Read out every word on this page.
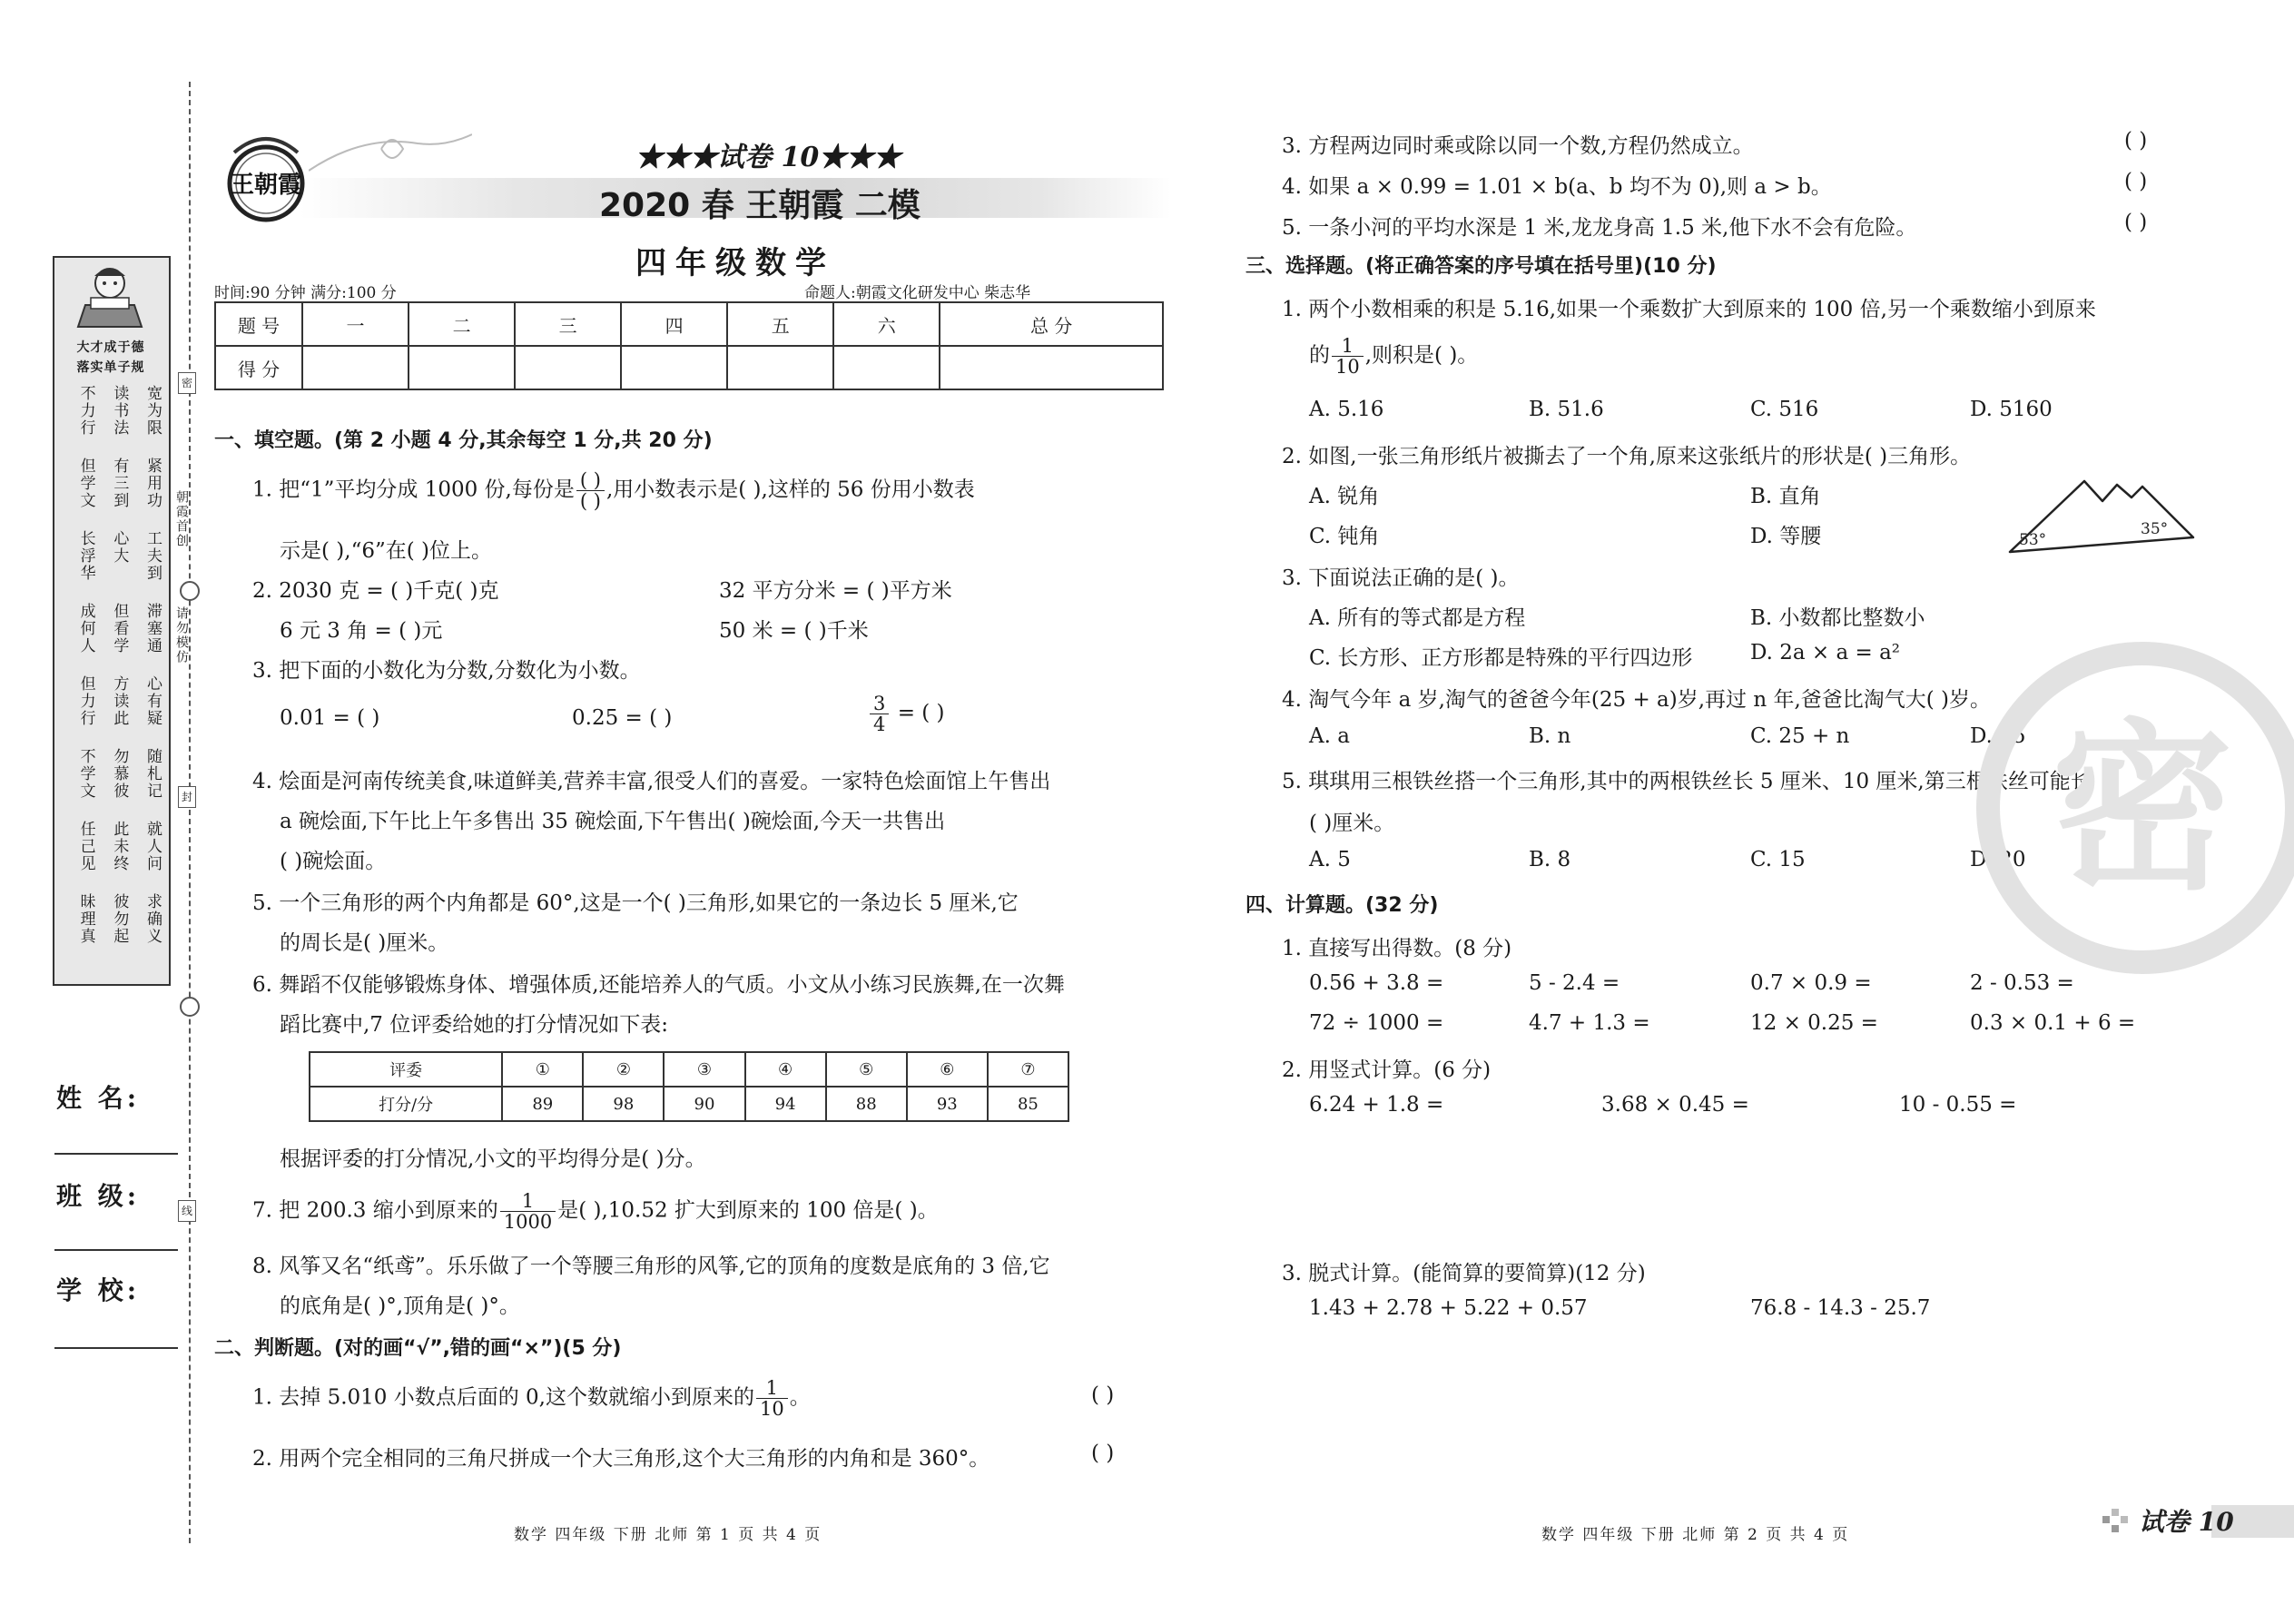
大才成于德
落实单子规
不力行 读书法 宽为限
但学文 有三到 紧用功
长浮华 心大 工夫到
成何人 但看学 滞塞通
但力行 方读此 心有疑
不学文 勿慕彼 随札记
任己见 此未终 就人问
昧理真 彼勿起 求确义
密
朝霞首创
请勿模仿
封
线
姓 名:
班 级:
学 校:
王朝霞
★★★试卷 10★★★
2020 春 王朝霞 二模
四年级数学
时间:90 分钟 满分:100 分	命题人:朝霞文化研发中心 柴志华
题 号	一	二	三	四	五	六	总 分
得 分							
一、填空题。(第 2 小题 4 分,其余每空 1 分,共 20 分)
1. 把“1”平均分成 1000 份,每份是 $\frac{( )}{( )}$ ,用小数表示是( ),这样的 56 份用小数表
示是( ),“6”在( )位上。
2. 2030 克 = ( )千克( )克	32 平方分米 = ( )平方米
6 元 3 角 = ( )元	50 米 = ( )千米
3. 把下面的小数化为分数,分数化为小数。
0.01 = ( )	0.25 = ( )	$\frac{3}{4}$ = ( )
4. 烩面是河南传统美食,味道鲜美,营养丰富,很受人们的喜爱。一家特色烩面馆上午售出
a 碗烩面,下午比上午多售出 35 碗烩面,下午售出( )碗烩面,今天一共售出
( )碗烩面。
5. 一个三角形的两个内角都是 60°,这是一个( )三角形,如果它的一条边长 5 厘米,它
的周长是( )厘米。
6. 舞蹈不仅能够锻炼身体、增强体质,还能培养人的气质。小文从小练习民族舞,在一次舞
蹈比赛中,7 位评委给她的打分情况如下表:
评委	①	②	③	④	⑤	⑥	⑦
打分/分	89	98	90	94	88	93	85
根据评委的打分情况,小文的平均得分是( )分。
7. 把 200.3 缩小到原来的 $\frac{1}{1000}$ 是( ),10.52 扩大到原来的 100 倍是( )。
8. 风筝又名“纸鸢”。乐乐做了一个等腰三角形的风筝,它的顶角的度数是底角的 3 倍,它
的底角是( )°,顶角是( )°。
二、判断题。(对的画“√”,错的画“×”)(5 分)
1. 去掉 5.010 小数点后面的 0,这个数就缩小到原来的 $\frac{1}{10}$ 。	( )
2. 用两个完全相同的三角尺拼成一个大三角形,这个大三角形的内角和是 360°。	( )
3. 方程两边同时乘或除以同一个数,方程仍然成立。	( )
4. 如果 a × 0.99 = 1.01 × b(a、b 均不为 0),则 a > b。	( )
5. 一条小河的平均水深是 1 米,龙龙身高 1.5 米,他下水不会有危险。	( )
三、选择题。(将正确答案的序号填在括号里)(10 分)
1. 两个小数相乘的积是 5.16,如果一个乘数扩大到原来的 100 倍,另一个乘数缩小到原来
的 $\frac{1}{10}$ ,则积是( )。
A. 5.16	B. 51.6	C. 516	D. 5160
2. 如图,一张三角形纸片被撕去了一个角,原来这张纸片的形状是( )三角形。
A. 锐角	B. 直角
C. 钝角	D. 等腰	53°
35°
3. 下面说法正确的是( )。
A. 所有的等式都是方程	B. 小数都比整数小
C. 长方形、正方形都是特殊的平行四边形	D. 2a × a = a²
4. 淘气今年 a 岁,淘气的爸爸今年(25 + a)岁,再过 n 年,爸爸比淘气大( )岁。
A. a	B. n	C. 25 + n	D. 25
5. 琪琪用三根铁丝搭一个三角形,其中的两根铁丝长 5 厘米、10 厘米,第三根铁丝可能长
( )厘米。
A. 5	B. 8	C. 15	D. 20
四、计算题。(32 分)
1. 直接写出得数。(8 分)
0.56 + 3.8 =	5 - 2.4 =	0.7 × 0.9 =	2 - 0.53 =
72 ÷ 1000 =	4.7 + 1.3 =	12 × 0.25 =	0.3 × 0.1 + 6 =
2. 用竖式计算。(6 分)
6.24 + 1.8 =	3.68 × 0.45 =	10 - 0.55 =
3. 脱式计算。(能简算的要简算)(12 分)
1.43 + 2.78 + 5.22 + 0.57	76.8 - 14.3 - 25.7
密
数学 四年级 下册 北师 第 1 页 共 4 页	数学 四年级 下册 北师 第 2 页 共 4 页	试卷 10
